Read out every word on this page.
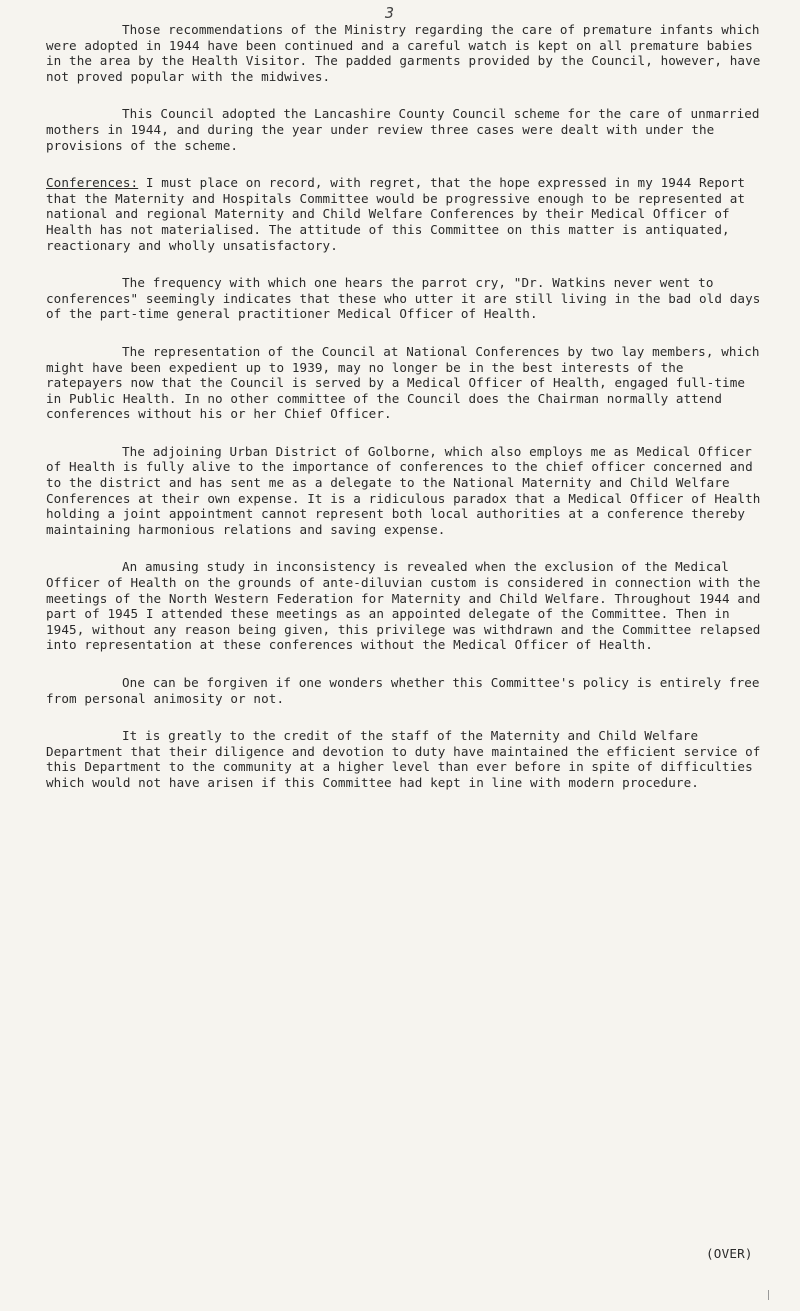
3

Those recommendations of the Ministry regarding the care of premature infants which were adopted in 1944 have been continued and a careful watch is kept on all premature babies in the area by the Health Visitor. The padded garments provided by the Council, however, have not proved popular with the midwives.

This Council adopted the Lancashire County Council scheme for the care of unmarried mothers in 1944, and during the year under review three cases were dealt with under the provisions of the scheme.

Conferences: I must place on record, with regret, that the hope expressed in my 1944 Report that the Maternity and Hospitals Committee would be progressive enough to be represented at national and regional Maternity and Child Welfare Conferences by their Medical Officer of Health has not materialised. The attitude of this Committee on this matter is antiquated, reactionary and wholly unsatisfactory.

The frequency with which one hears the parrot cry, "Dr. Watkins never went to conferences" seemingly indicates that these who utter it are still living in the bad old days of the part-time general practitioner Medical Officer of Health.

The representation of the Council at National Conferences by two lay members, which might have been expedient up to 1939, may no longer be in the best interests of the ratepayers now that the Council is served by a Medical Officer of Health, engaged full-time in Public Health. In no other committee of the Council does the Chairman normally attend conferences without his or her Chief Officer.

The adjoining Urban District of Golborne, which also employs me as Medical Officer of Health is fully alive to the importance of conferences to the chief officer concerned and to the district and has sent me as a delegate to the National Maternity and Child Welfare Conferences at their own expense. It is a ridiculous paradox that a Medical Officer of Health holding a joint appointment cannot represent both local authorities at a conference thereby maintaining harmonious relations and saving expense.

An amusing study in inconsistency is revealed when the exclusion of the Medical Officer of Health on the grounds of ante-diluvian custom is considered in connection with the meetings of the North Western Federation for Maternity and Child Welfare. Throughout 1944 and part of 1945 I attended these meetings as an appointed delegate of the Committee. Then in 1945, without any reason being given, this privilege was withdrawn and the Committee relapsed into representation at these conferences without the Medical Officer of Health.

One can be forgiven if one wonders whether this Committee's policy is entirely free from personal animosity or not.

It is greatly to the credit of the staff of the Maternity and Child Welfare Department that their diligence and devotion to duty have maintained the efficient service of this Department to the community at a higher level than ever before in spite of difficulties which would not have arisen if this Committee had kept in line with modern procedure.

(OVER)
